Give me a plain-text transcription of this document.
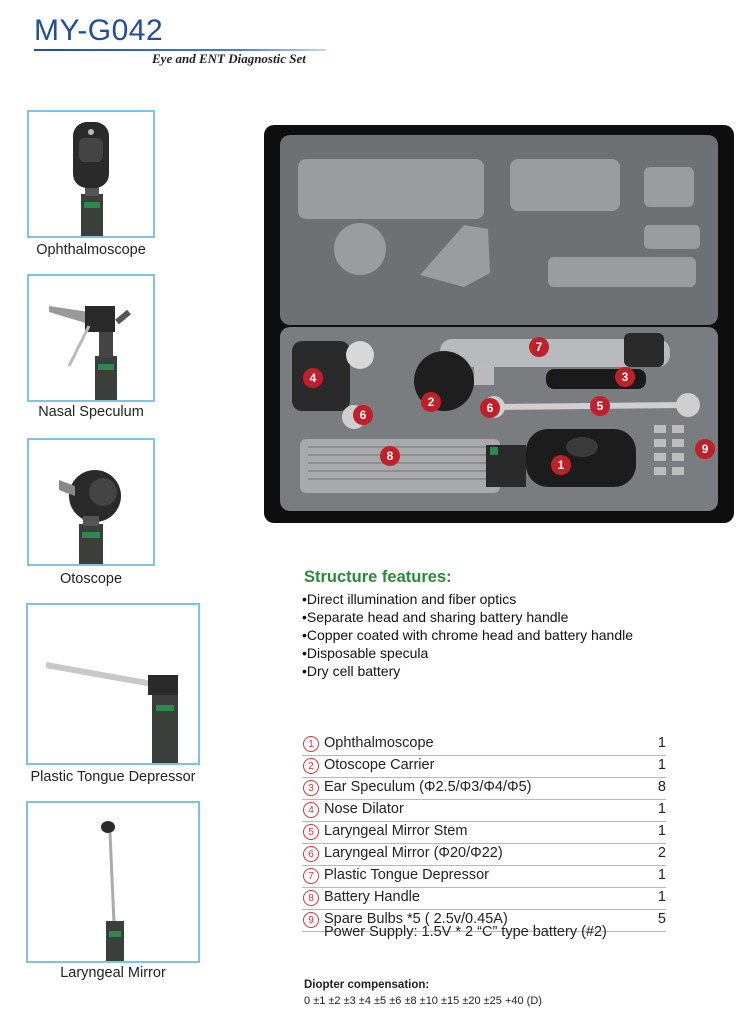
MY-G042
Eye and ENT Diagnostic Set
Ophthalmoscope
Nasal Speculum
Otoscope
Plastic Tongue Depressor
Laryngeal Mirror
1
2
3
4
5
6	6
7
8	9
Structure features:
•Direct illumination and fiber optics
•Separate head and sharing battery handle
•Copper coated with chrome head and battery handle
•Disposable specula
•Dry cell battery
1 Ophthalmoscope	1
2 Otoscope Carrier	1
3 Ear Speculum (Φ2.5/Φ3/Φ4/Φ5)	8
4 Nose Dilator	1
5 Laryngeal Mirror Stem	1
6 Laryngeal Mirror (Φ20/Φ22)	2
7 Plastic Tongue Depressor	1
8 Battery Handle	1
9 Spare Bulbs *5 ( 2.5v/0.45A)	5
Power Supply: 1.5V * 2 “C” type battery (#2)
Diopter compensation:
0 ±1 ±2 ±3 ±4 ±5 ±6 ±8 ±10 ±15 ±20 ±25 +40 (D)
